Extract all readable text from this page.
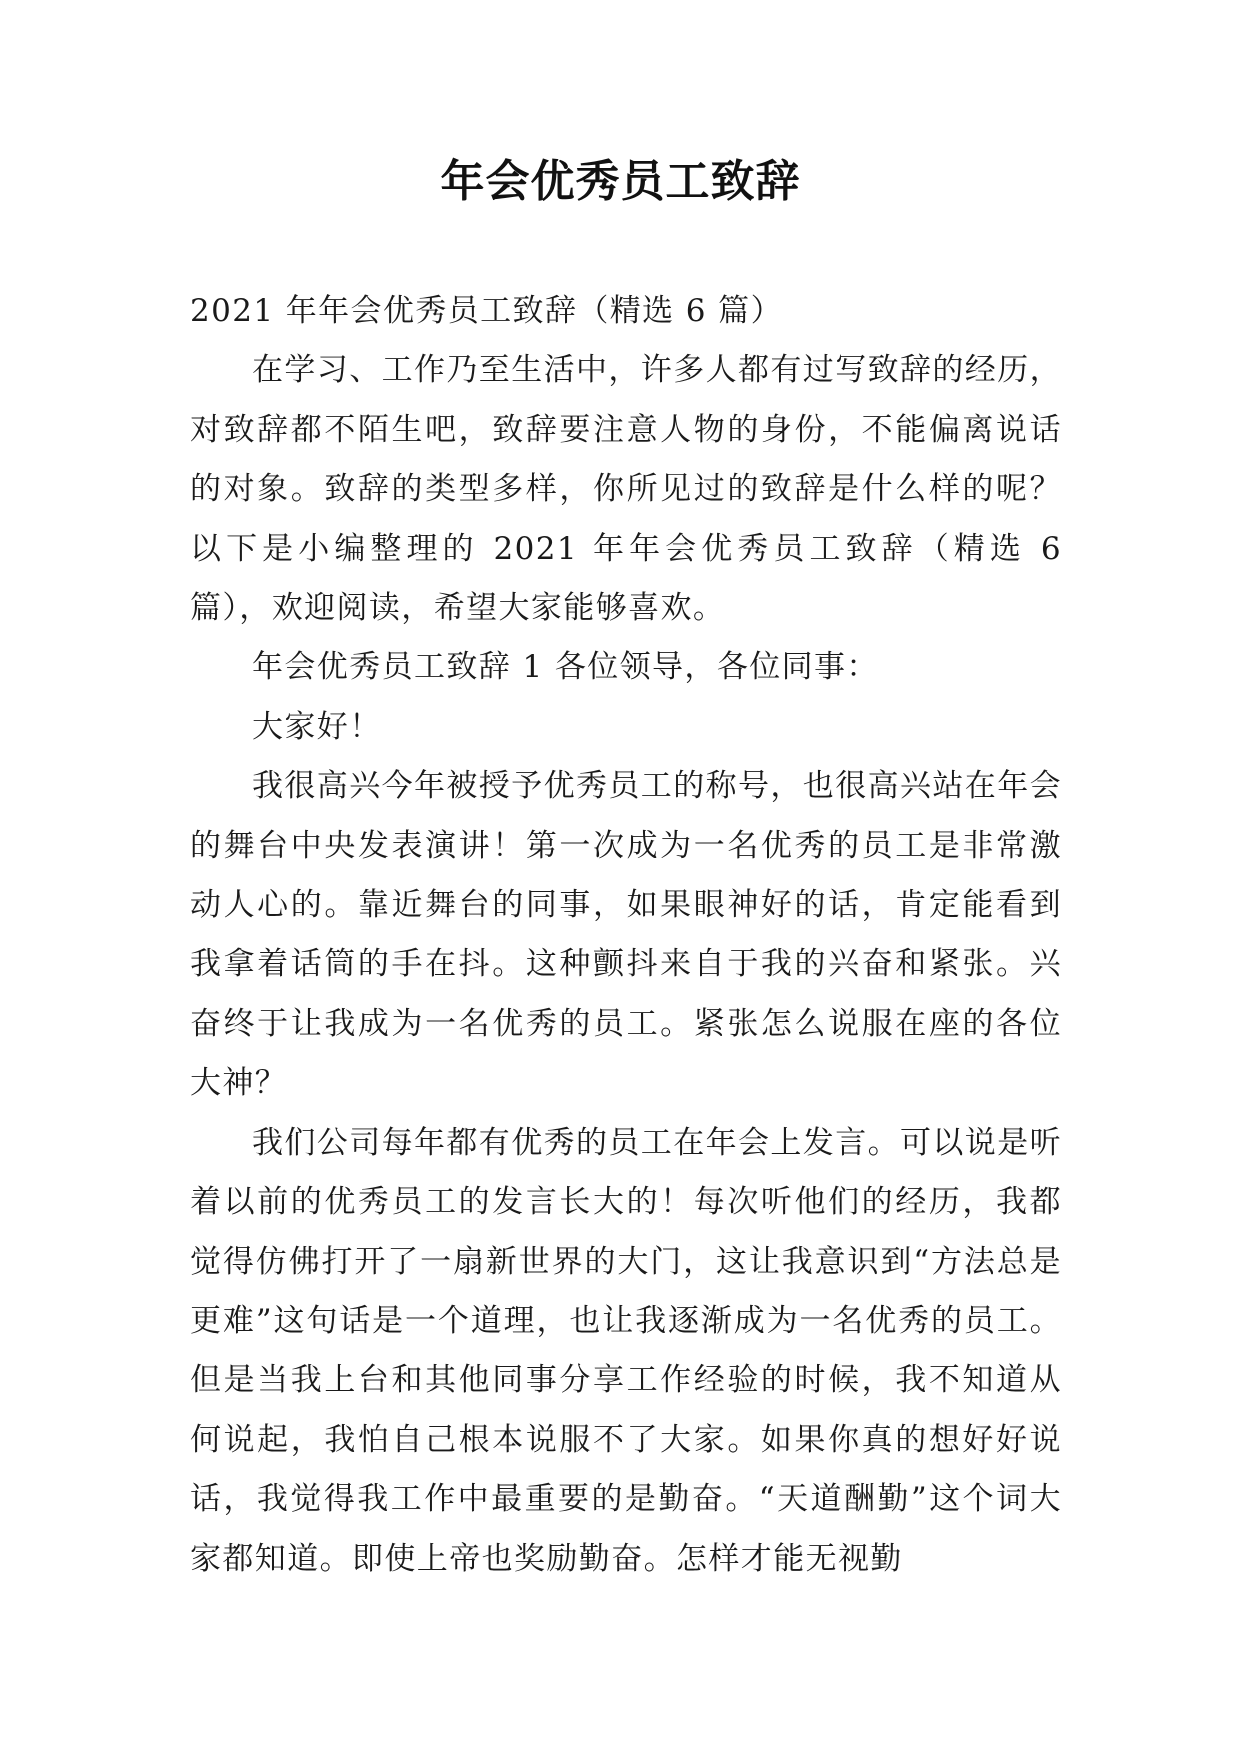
年会优秀员工致辞

2021 年年会优秀员工致辞（精选 6 篇）

在学习、工作乃至生活中，许多人都有过写致辞的经历，对致辞都不陌生吧，致辞要注意人物的身份，不能偏离说话的对象。致辞的类型多样，你所见过的致辞是什么样的呢？以下是小编整理的 2021 年年会优秀员工致辞（精选 6 篇），欢迎阅读，希望大家能够喜欢。

年会优秀员工致辞 1 各位领导，各位同事：

大家好！

我很高兴今年被授予优秀员工的称号，也很高兴站在年会的舞台中央发表演讲！第一次成为一名优秀的员工是非常激动人心的。靠近舞台的同事，如果眼神好的话，肯定能看到我拿着话筒的手在抖。这种颤抖来自于我的兴奋和紧张。兴奋终于让我成为一名优秀的员工。紧张怎么说服在座的各位大神？

我们公司每年都有优秀的员工在年会上发言。可以说是听着以前的优秀员工的发言长大的！每次听他们的经历，我都觉得仿佛打开了一扇新世界的大门，这让我意识到“方法总是更难”这句话是一个道理，也让我逐渐成为一名优秀的员工。但是当我上台和其他同事分享工作经验的时候，我不知道从何说起，我怕自己根本说服不了大家。如果你真的想好好说话，我觉得我工作中最重要的是勤奋。“天道酬勤”这个词大家都知道。即使上帝也奖励勤奋。怎样才能无视勤
